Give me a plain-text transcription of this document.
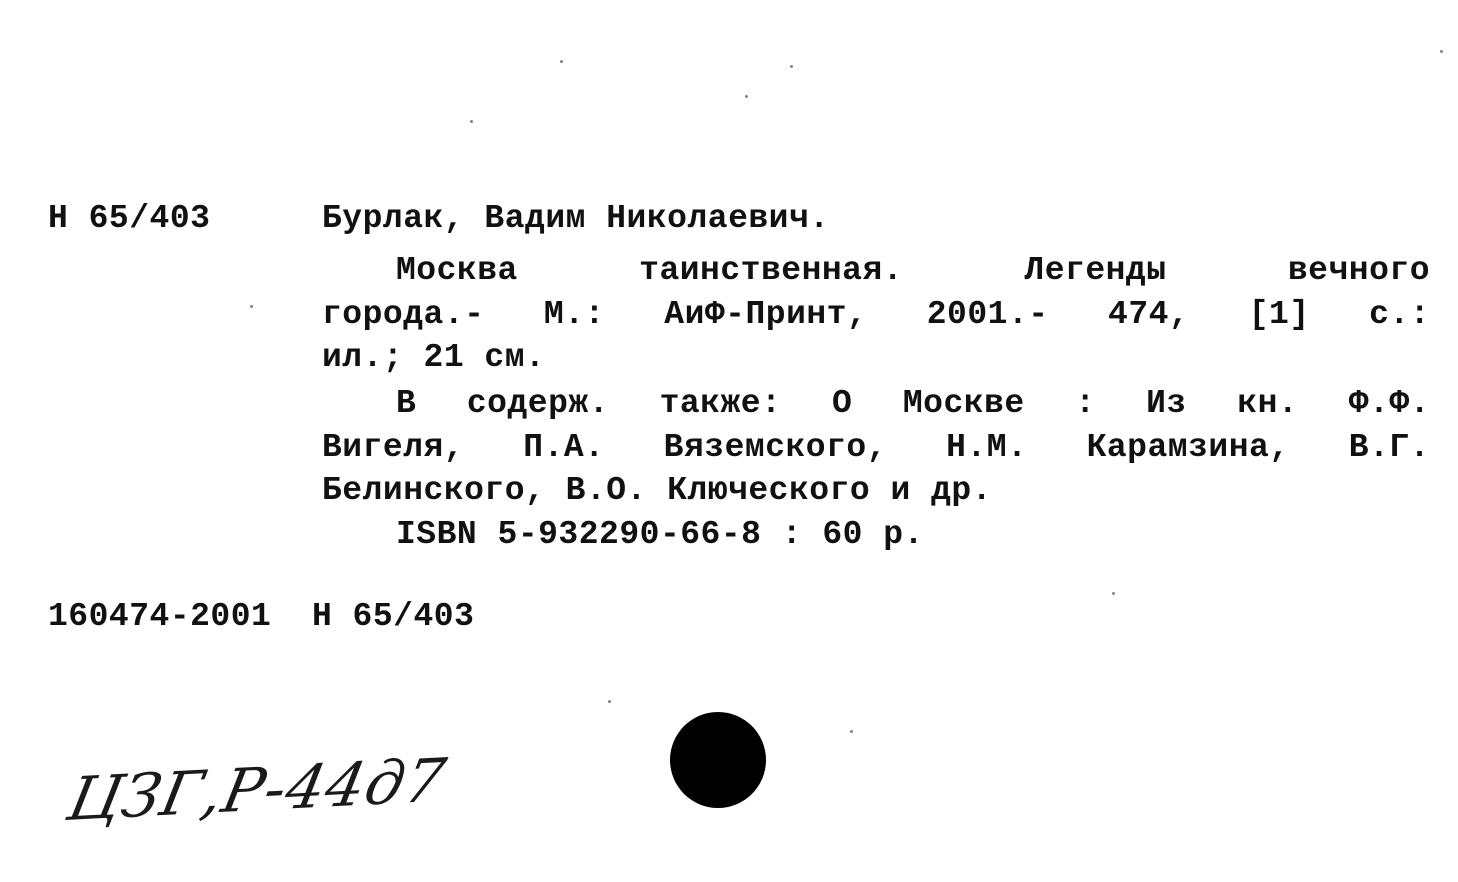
Н 65/403	Бурлак, Вадим Николаевич.
Москва таинственная. Легенды вечного
города.- М.: АиФ-Принт, 2001.- 474, [1] с.:
ил.; 21 см.
В содерж. также: О Москве : Из кн. Ф.Ф.
Вигеля, П.А. Вяземского, Н.М. Карамзина, В.Г.
Белинского, В.О. Ключеского и др.
ISBN 5-932290-66-8 : 60 р.
160474-2001  Н 65/403
ЦЗГ,Р-44д7
